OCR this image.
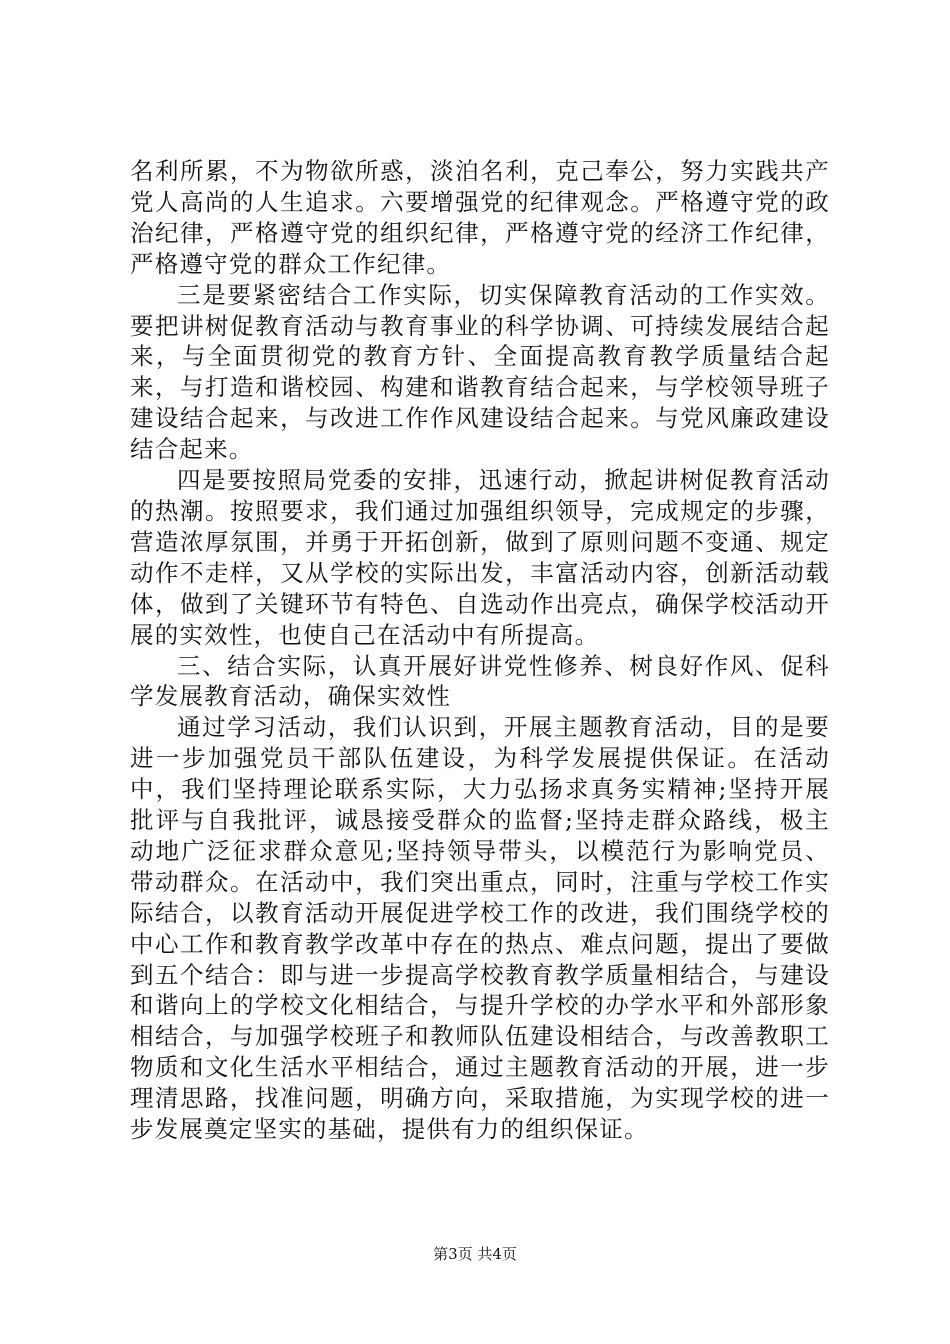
名利所累，不为物欲所惑，淡泊名利，克己奉公，努力实践共产党人高尚的人生追求。六要增强党的纪律观念。严格遵守党的政治纪律，严格遵守党的组织纪律，严格遵守党的经济工作纪律，严格遵守党的群众工作纪律。

三是要紧密结合工作实际，切实保障教育活动的工作实效。要把讲树促教育活动与教育事业的科学协调、可持续发展结合起来，与全面贯彻党的教育方针、全面提高教育教学质量结合起来，与打造和谐校园、构建和谐教育结合起来，与学校领导班子建设结合起来，与改进工作作风建设结合起来。与党风廉政建设结合起来。

四是要按照局党委的安排，迅速行动，掀起讲树促教育活动的热潮。按照要求，我们通过加强组织领导，完成规定的步骤，营造浓厚氛围，并勇于开拓创新，做到了原则问题不变通、规定动作不走样，又从学校的实际出发，丰富活动内容，创新活动载体，做到了关键环节有特色、自选动作出亮点，确保学校活动开展的实效性，也使自己在活动中有所提高。

三、结合实际，认真开展好讲党性修养、树良好作风、促科学发展教育活动，确保实效性

通过学习活动，我们认识到，开展主题教育活动，目的是要进一步加强党员干部队伍建设，为科学发展提供保证。在活动中，我们坚持理论联系实际，大力弘扬求真务实精神;坚持开展批评与自我批评，诚恳接受群众的监督;坚持走群众路线，极主动地广泛征求群众意见;坚持领导带头，以模范行为影响党员、带动群众。在活动中，我们突出重点，同时，注重与学校工作实际结合，以教育活动开展促进学校工作的改进，我们围绕学校的中心工作和教育教学改革中存在的热点、难点问题，提出了要做到五个结合：即与进一步提高学校教育教学质量相结合，与建设和谐向上的学校文化相结合，与提升学校的办学水平和外部形象相结合，与加强学校班子和教师队伍建设相结合，与改善教职工物质和文化生活水平相结合，通过主题教育活动的开展，进一步理清思路，找准问题，明确方向，采取措施，为实现学校的进一步发展奠定坚实的基础，提供有力的组织保证。

第3页 共4页
